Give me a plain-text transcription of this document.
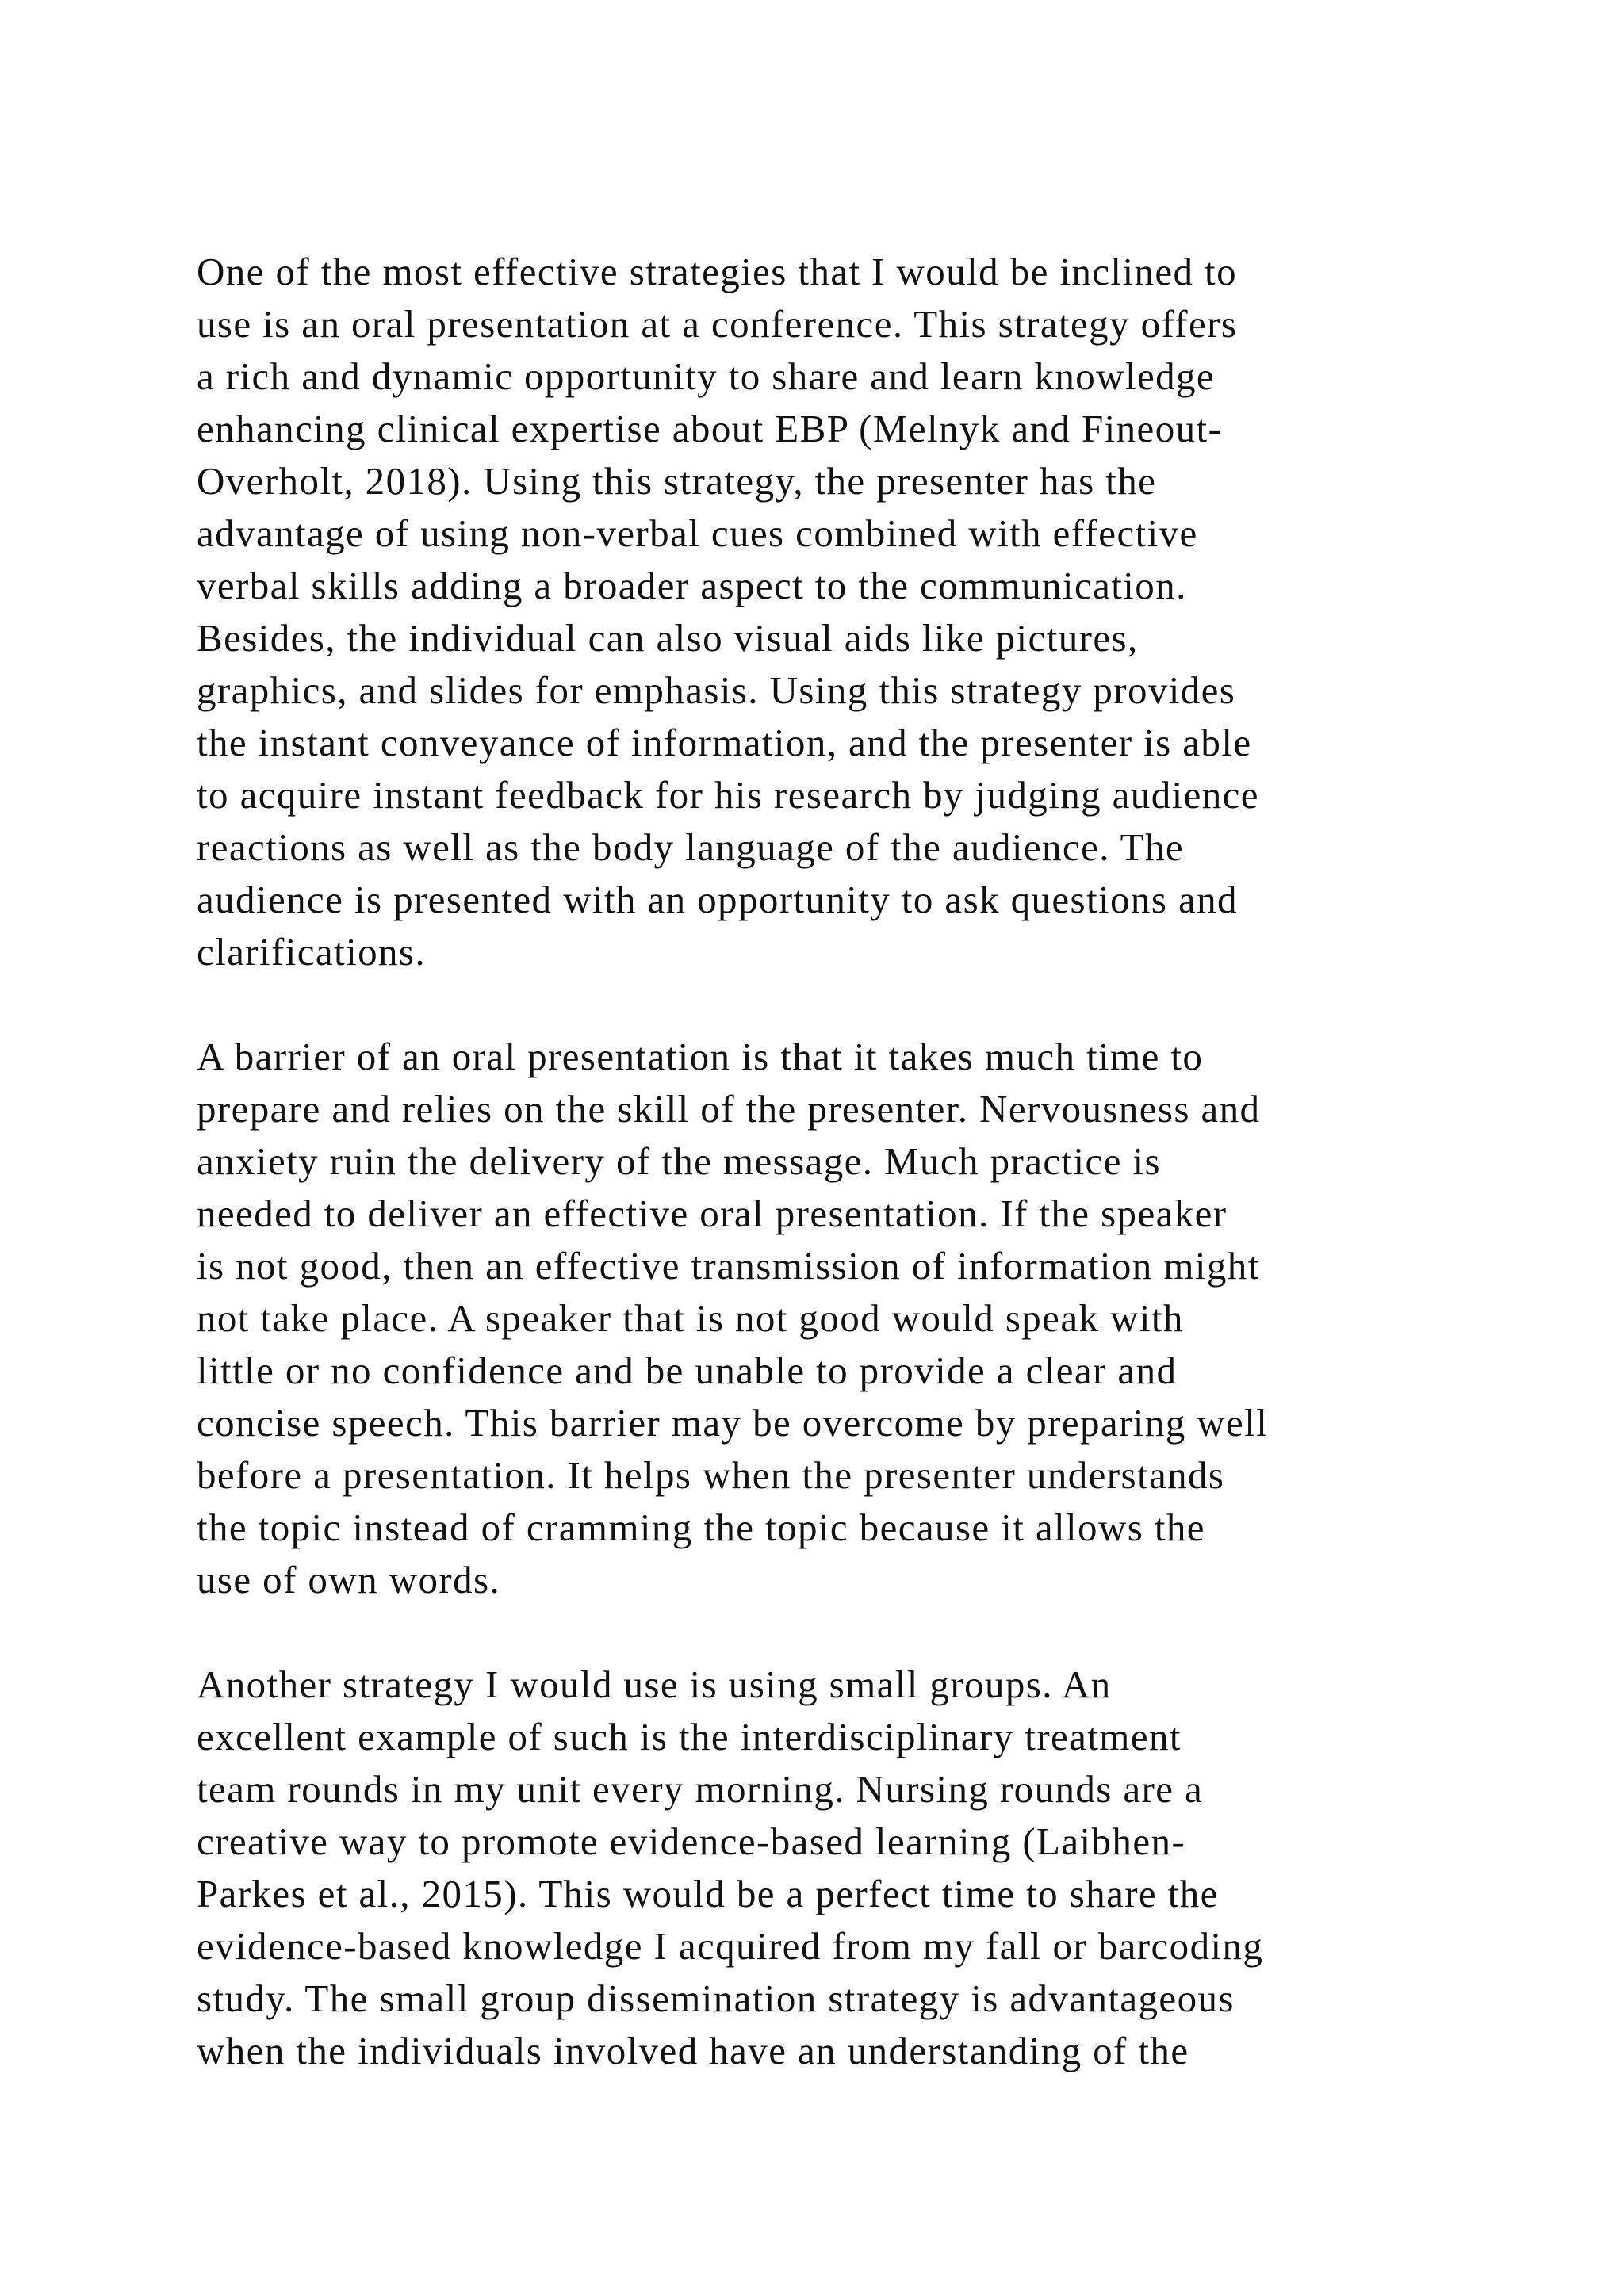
One of the most effective strategies that I would be inclined to
use is an oral presentation at a conference. This strategy offers
a rich and dynamic opportunity to share and learn knowledge
enhancing clinical expertise about EBP (Melnyk and Fineout-
Overholt, 2018). Using this strategy, the presenter has the
advantage of using non-verbal cues combined with effective
verbal skills adding a broader aspect to the communication.
Besides, the individual can also visual aids like pictures,
graphics, and slides for emphasis. Using this strategy provides
the instant conveyance of information, and the presenter is able
to acquire instant feedback for his research by judging audience
reactions as well as the body language of the audience. The
audience is presented with an opportunity to ask questions and
clarifications.
A barrier of an oral presentation is that it takes much time to
prepare and relies on the skill of the presenter. Nervousness and
anxiety ruin the delivery of the message. Much practice is
needed to deliver an effective oral presentation. If the speaker
is not good, then an effective transmission of information might
not take place. A speaker that is not good would speak with
little or no confidence and be unable to provide a clear and
concise speech. This barrier may be overcome by preparing well
before a presentation. It helps when the presenter understands
the topic instead of cramming the topic because it allows the
use of own words.
Another strategy I would use is using small groups. An
excellent example of such is the interdisciplinary treatment
team rounds in my unit every morning. Nursing rounds are a
creative way to promote evidence-based learning (Laibhen-
Parkes et al., 2015). This would be a perfect time to share the
evidence-based knowledge I acquired from my fall or barcoding
study. The small group dissemination strategy is advantageous
when the individuals involved have an understanding of the
